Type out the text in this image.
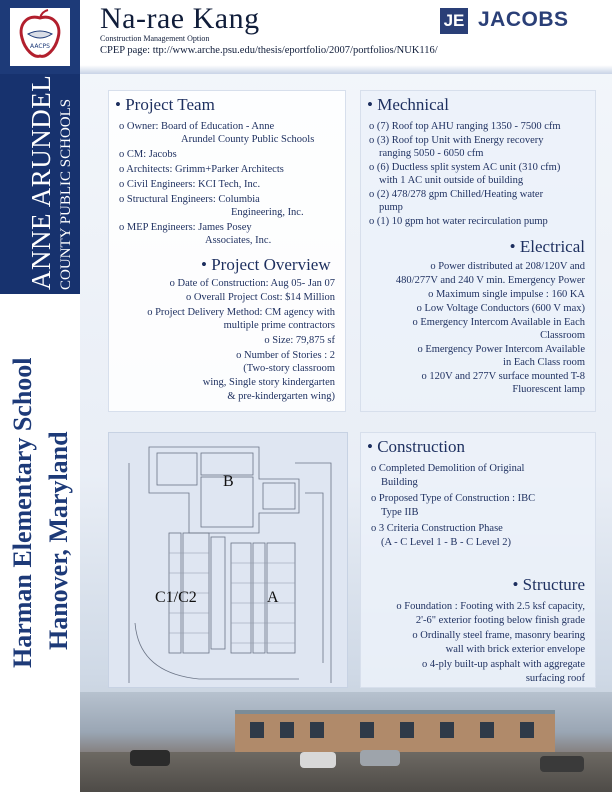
AACPS
Na-rae Kang
Construction Management Option
CPEP page: ttp://www.arche.psu.edu/thesis/eportfolio/2007/portfolios/NUK116/
JE JACOBS
ANNE ARUNDEL COUNTY PUBLIC SCHOOLS
Harman Elementary School Hanover, Maryland
• Project Team
o Owner: Board of Education - Anne
Arundel County Public Schools
o CM: Jacobs
o Architects: Grimm+Parker Architects
o Civil Engineers: KCI Tech, Inc.
o Structural Engineers: Columbia
Engineering, Inc.
o MEP Engineers: James Posey
Associates, Inc.
• Project Overview
o Date of Construction: Aug 05- Jan 07
o Overall Project Cost: $14 Million
o Project Delivery Method: CM agency with
multiple prime contractors
o Size: 79,875 sf
o Number of Stories : 2
(Two-story classroom
wing, Single story kindergarten
& pre-kindergarten wing)
• Mechnical
o (7) Roof top AHU ranging 1350 - 7500 cfm
o (3) Roof top Unit with Energy recovery
ranging 5050 - 6050 cfm
o (6) Ductless split system AC unit (310 cfm)
with 1 AC unit outside of building
o (2) 478/278 gpm Chilled/Heating water
pump
o (1) 10 gpm hot water recirculation pump
• Electrical
o Power distributed at 208/120V and
480/277V and 240 V min. Emergency Power
o Maximum single impulse : 160 KA
o Low Voltage Conductors (600 V max)
o Emergency Intercom Available in Each
Classroom
o Emergency Power Intercom Available
in Each Class room
o 120V and 277V surface mounted T-8
Fluorescent lamp
B
C1/C2	A
• Construction
o Completed Demolition of Original
Building
o Proposed Type of Construction : IBC
Type IIB
o 3 Criteria Construction Phase
(A - C Level 1 - B - C Level 2)
• Structure
o Foundation : Footing with 2.5 ksf capacity,
2'-6" exterior footing below finish grade
o Ordinally steel frame, masonry bearing
wall with brick exterior envelope
o 4-ply built-up asphalt with aggregate
surfacing roof
